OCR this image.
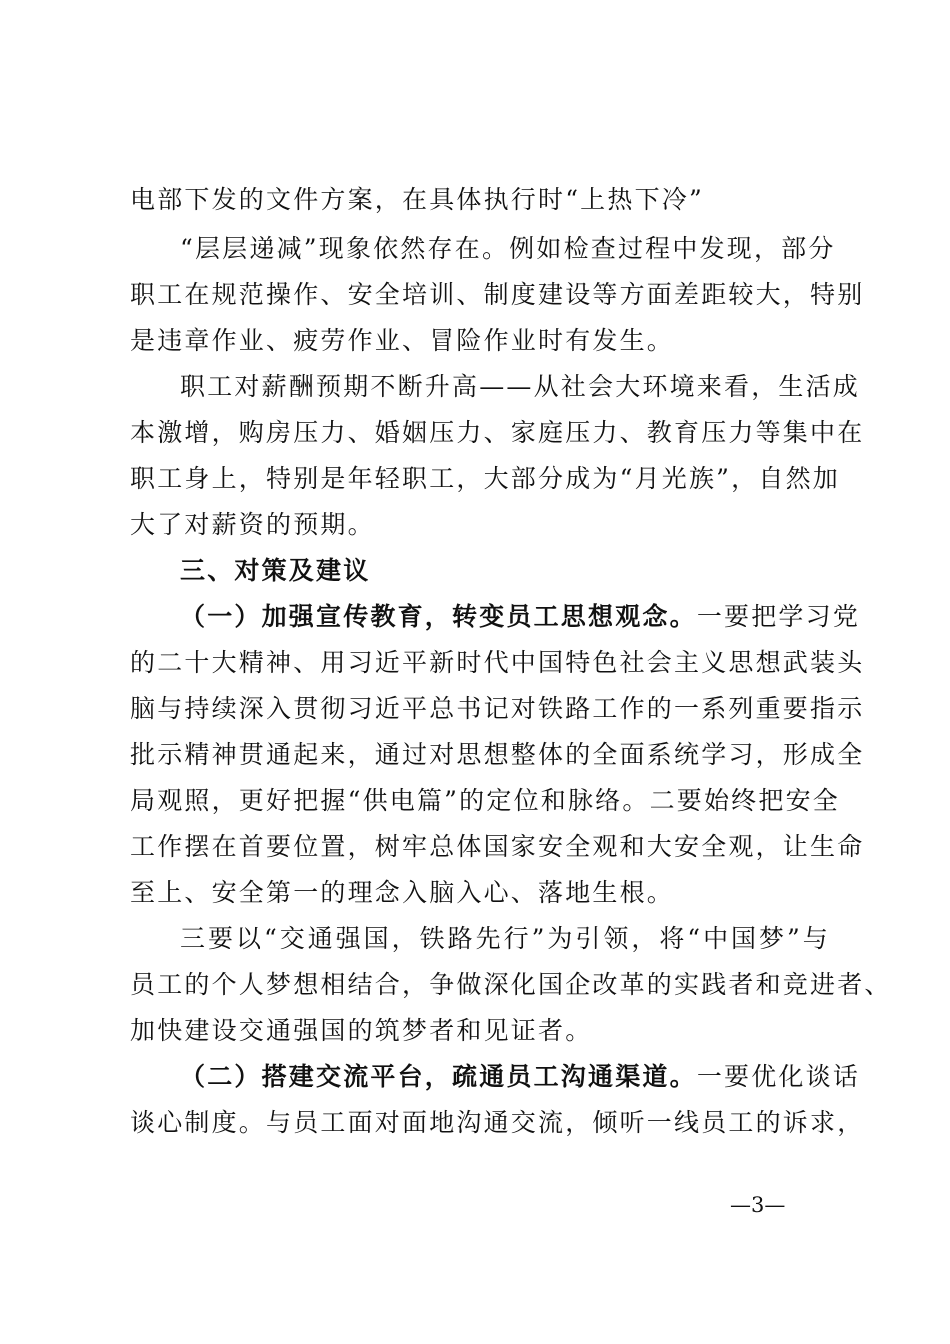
电部下发的文件方案，在具体执行时“上热下冷”
“层层递减”现象依然存在。例如检查过程中发现，部分
职工在规范操作、安全培训、制度建设等方面差距较大，特别
是违章作业、疲劳作业、冒险作业时有发生。
职工对薪酬预期不断升高——从社会大环境来看，生活成
本激增，购房压力、婚姻压力、家庭压力、教育压力等集中在
职工身上，特别是年轻职工，大部分成为“月光族”，自然加
大了对薪资的预期。
三、对策及建议
（一）加强宣传教育，转变员工思想观念。一要把学习党
的二十大精神、用习近平新时代中国特色社会主义思想武装头
脑与持续深入贯彻习近平总书记对铁路工作的一系列重要指示
批示精神贯通起来，通过对思想整体的全面系统学习，形成全
局观照，更好把握“供电篇”的定位和脉络。二要始终把安全
工作摆在首要位置，树牢总体国家安全观和大安全观，让生命
至上、安全第一的理念入脑入心、落地生根。
三要以“交通强国，铁路先行”为引领，将“中国梦”与
员工的个人梦想相结合，争做深化国企改革的实践者和竞进者、
加快建设交通强国的筑梦者和见证者。
（二）搭建交流平台，疏通员工沟通渠道。一要优化谈话
谈心制度。与员工面对面地沟通交流，倾听一线员工的诉求，
—3—
